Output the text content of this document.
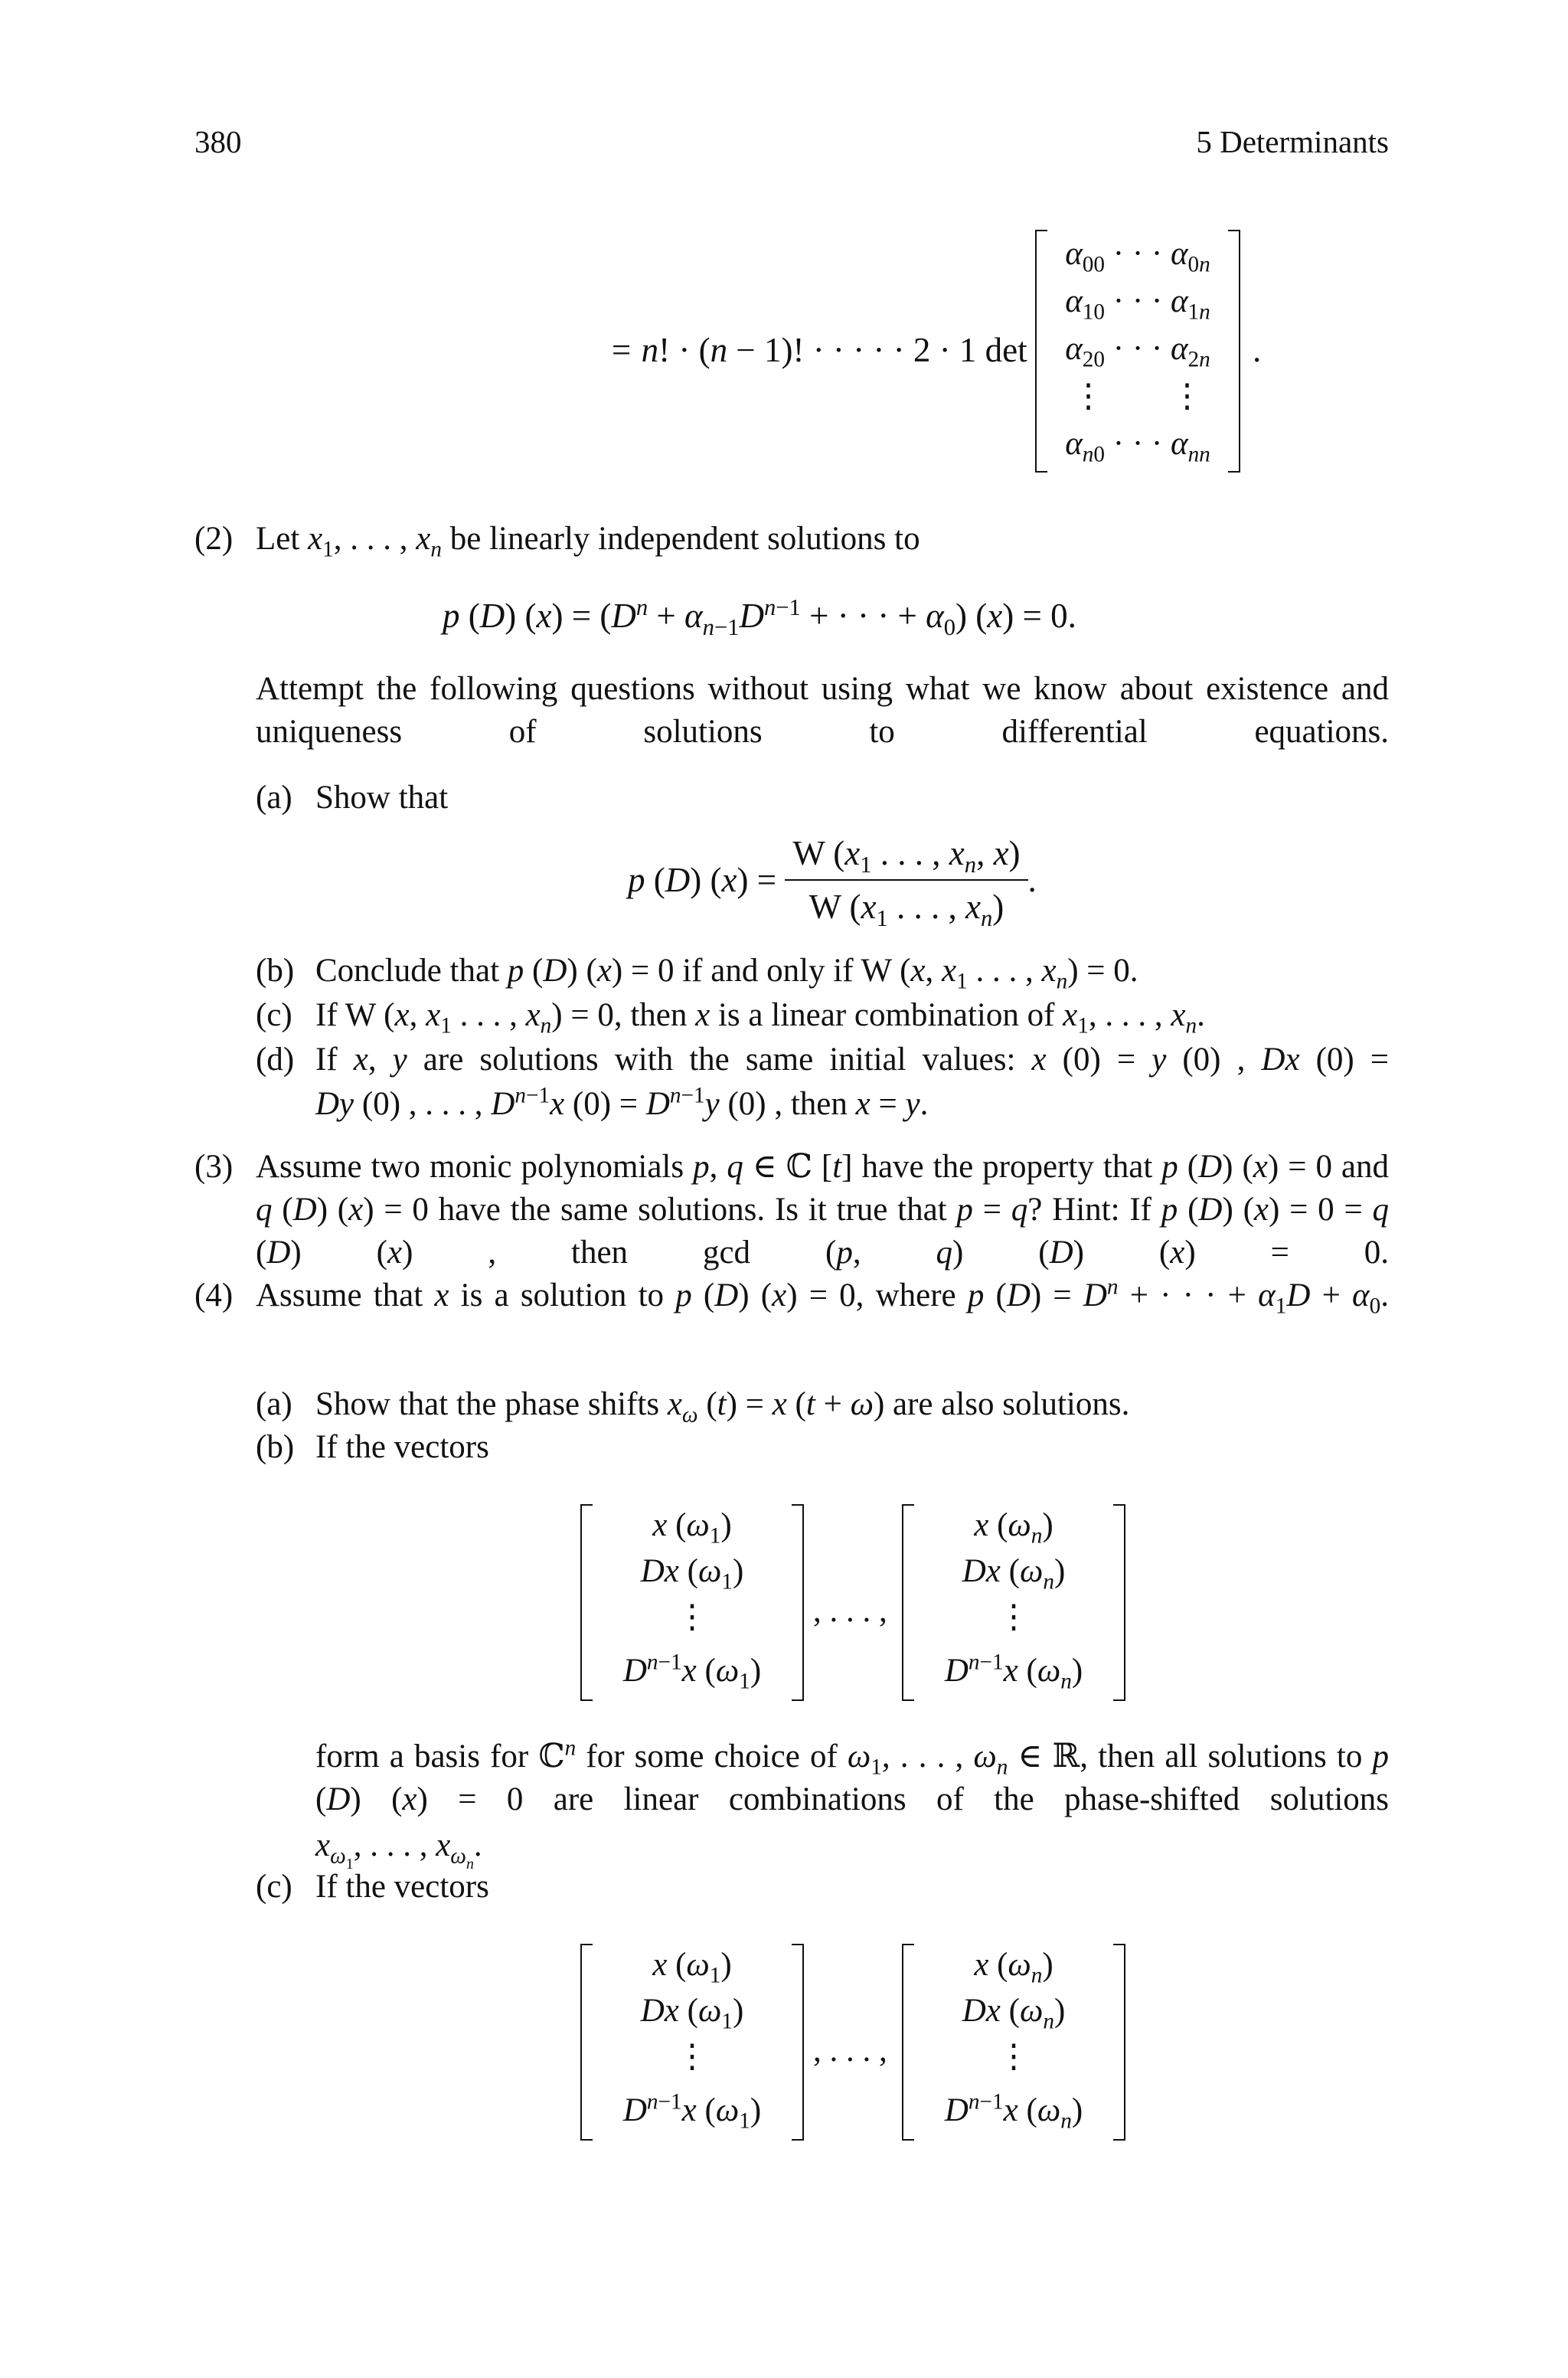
380	5 Determinants
= n! · (n − 1)! · · · · · 2 · 1 det
$\alpha_{00}$ · · · $\alpha_{0n}$
$\alpha_{10}$ · · · $\alpha_{1n}$
$\alpha_{20}$ · · · $\alpha_{2n}$
⋮        ⋮
$\alpha_{n0}$ · · · $\alpha_{nn}$
.
(2) Let $x_1$, . . . , $x_n$ be linearly independent solutions to
p (D) $(x) = (D^n + \alpha_{n-1}D^{n-1}$ + · · · + $\alpha_0$) (x) = 0.
Attempt the following questions without using what we know about existence and uniqueness of solutions to differential equations.
(a) Show that
p (D) $(x) = \frac{W (x_1 . . . , x_n, x)}{W (x_1 . . . , x_n)}$ .
(b) Conclude that p (D) (x) = 0 if and only if W (x, $x_1$ . . . , $x_n) = 0$.
(c) If W (x, $x_1$ . . . , $x_n) = 0$, then x is a linear combination of $x_1$, . . . , $x_n$.
(d) If x, y are solutions with the same initial values: x (0) = y (0) , Dx (0) =
Dy (0) , . . . , $D^{n-1}x$ $(0) = D^{n-1}y$ (0) , then x = y.
(3) Assume two monic polynomials p, q ∈ ℂ [t] have the property that p (D) (x) = 0 and q (D) (x) = 0 have the same solutions. Is it true that p = q? Hint: If p (D) (x) = 0 = q (D) (x) , then gcd (p, q) (D) (x) = 0.
(4) Assume that x is a solution to p (D) (x) = 0, where p $(D) = D^n$ + · · · + $\alpha_1D + \alpha_0$.
(a) Show that the phase shifts $x_\omega$ (t) = x (t + ω) are also solutions.
(b) If the vectors
x $(\omega_1)$
Dx $(\omega_1)$
⋮
$D^{n-1}x$ $(\omega_1)$
, . . . ,
x $(\omega_n)$
Dx $(\omega_n)$
⋮
$D^{n-1}x$ $(\omega_n)$
form a basis for ℂ$^n$ for some choice of $\omega_1$, . . . , $\omega_n$ ∈ ℝ, then all solutions to p (D) (x) = 0 are linear combinations of the phase-shifted solutions
$x_{\omega_1}$, . . . , $x_{\omega_n}$.
(c) If the vectors
x $(\omega_1)$
Dx $(\omega_1)$
⋮
$D^{n-1}x$ $(\omega_1)$
, . . . ,
x $(\omega_n)$
Dx $(\omega_n)$
⋮
$D^{n-1}x$ $(\omega_n)$
